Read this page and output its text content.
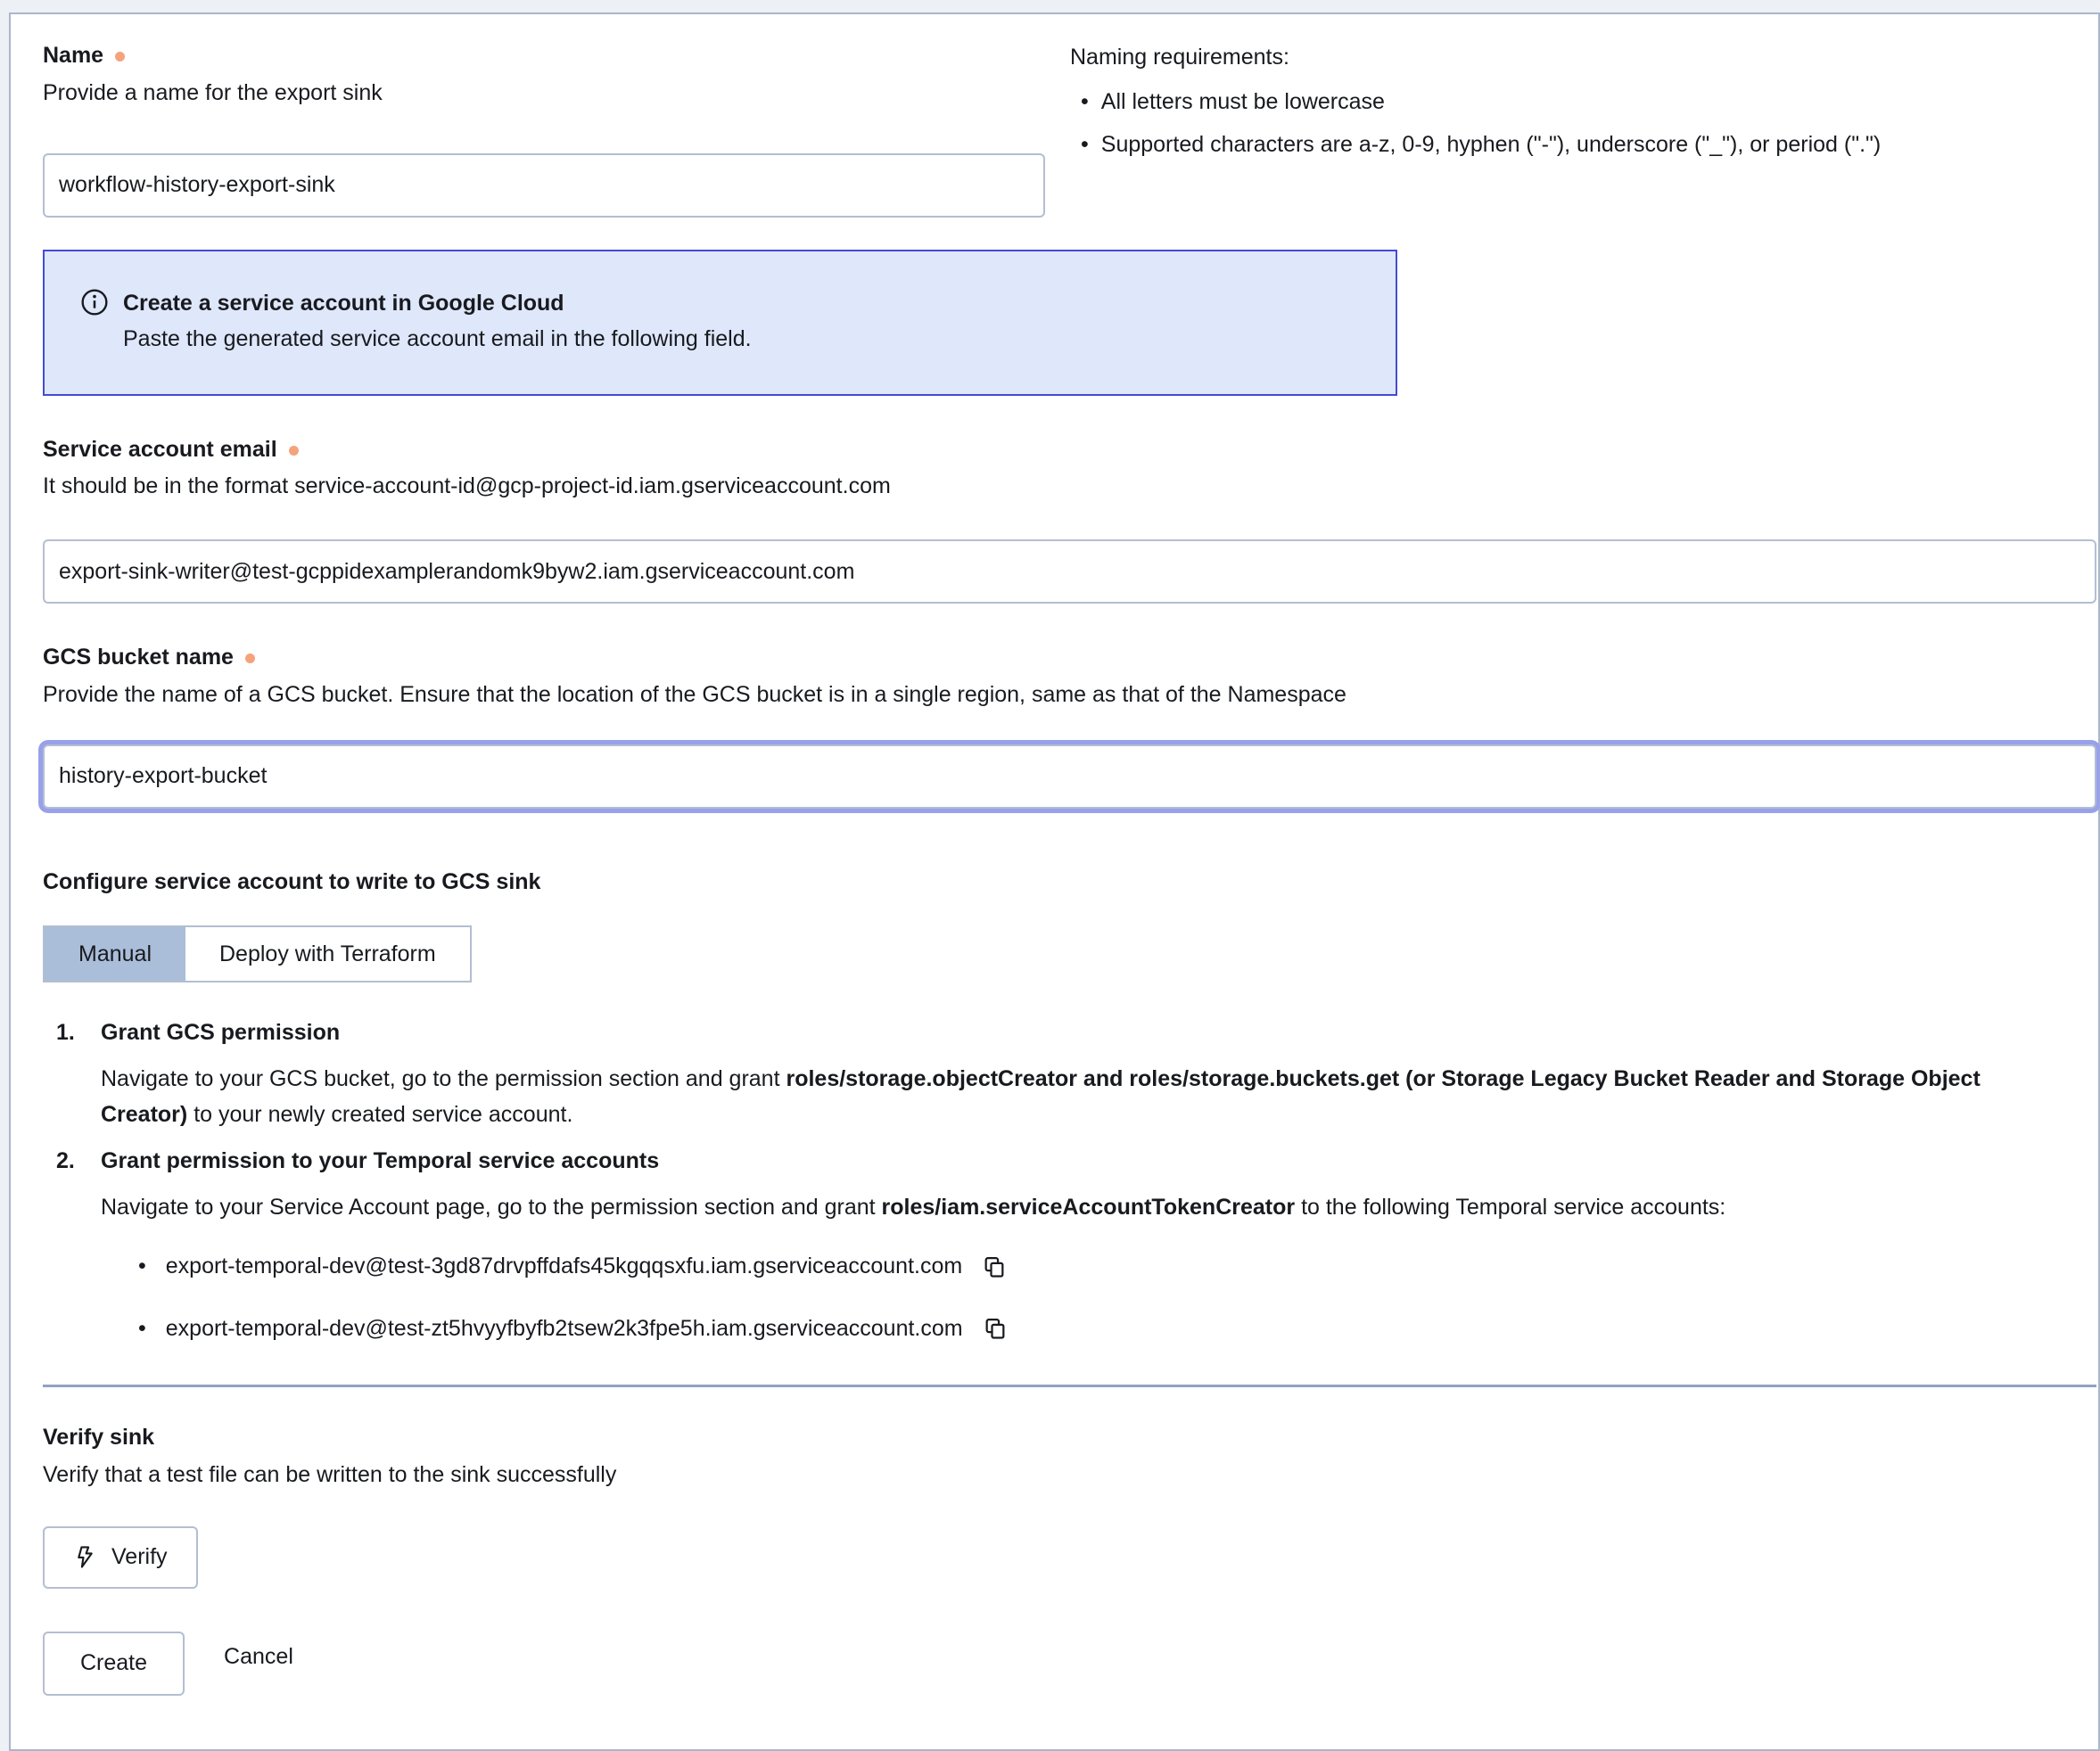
Name
Provide a name for the export sink
workflow-history-export-sink
Naming requirements:
• All letters must be lowercase
• Supported characters are a-z, 0-9, hyphen ("-"), underscore ("_"), or period (".")
Create a service account in Google Cloud
Paste the generated service account email in the following field.
Service account email
It should be in the format service-account-id@gcp-project-id.iam.gserviceaccount.com
export-sink-writer@test-gcppidexamplerandomk9byw2.iam.gserviceaccount.com
GCS bucket name
Provide the name of a GCS bucket. Ensure that the location of the GCS bucket is in a single region, same as that of the Namespace
history-export-bucket
Configure service account to write to GCS sink
Manual	Deploy with Terraform
1.	Grant GCS permission
Navigate to your GCS bucket, go to the permission section and grant roles/storage.objectCreator and roles/storage.buckets.get (or Storage Legacy Bucket Reader and Storage Object Creator) to your newly created service account.
2.	Grant permission to your Temporal service accounts
Navigate to your Service Account page, go to the permission section and grant roles/iam.serviceAccountTokenCreator to the following Temporal service accounts:
• export-temporal-dev@test-3gd87drvpffdafs45kgqqsxfu.iam.gserviceaccount.com
• export-temporal-dev@test-zt5hvyyfbyfb2tsew2k3fpe5h.iam.gserviceaccount.com
Verify sink
Verify that a test file can be written to the sink successfully
Verify
Create	Cancel
